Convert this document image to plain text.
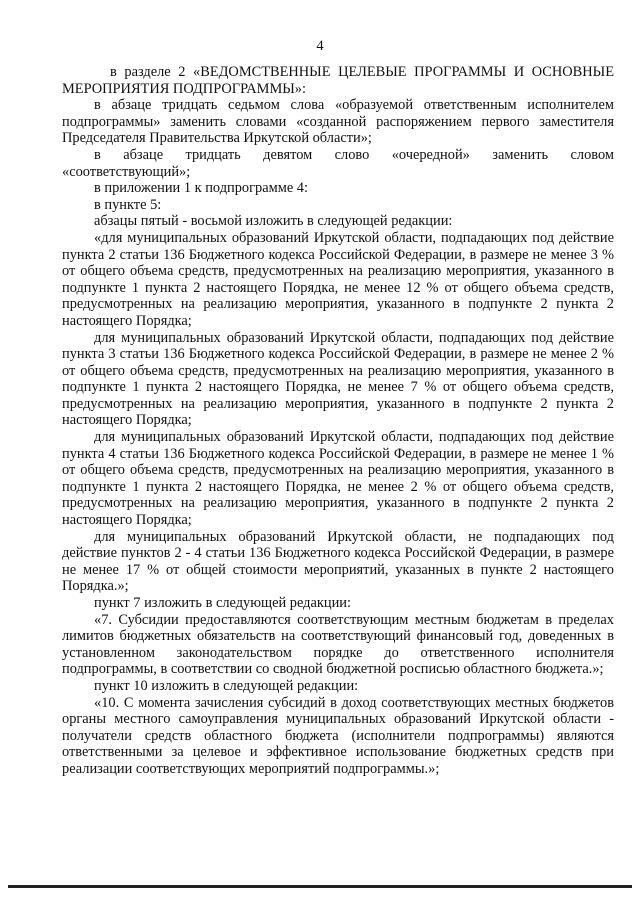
4

в разделе 2 «ВЕДОМСТВЕННЫЕ ЦЕЛЕВЫЕ ПРОГРАММЫ И ОСНОВНЫЕ МЕРОПРИЯТИЯ ПОДПРОГРАММЫ»:

в абзаце тридцать седьмом слова «образуемой ответственным исполнителем подпрограммы» заменить словами «созданной распоряжением первого заместителя Председателя Правительства Иркутской области»;

в абзаце тридцать девятом слово «очередной» заменить словом «соответствующий»;

в приложении 1 к подпрограмме 4:

в пункте 5:

абзацы пятый - восьмой изложить в следующей редакции:

«для муниципальных образований Иркутской области, подпадающих под действие пункта 2 статьи 136 Бюджетного кодекса Российской Федерации, в размере не менее 3 % от общего объема средств, предусмотренных на реализацию мероприятия, указанного в подпункте 1 пункта 2 настоящего Порядка, не менее 12 % от общего объема средств, предусмотренных на реализацию мероприятия, указанного в подпункте 2 пункта 2 настоящего Порядка;

для муниципальных образований Иркутской области, подпадающих под действие пункта 3 статьи 136 Бюджетного кодекса Российской Федерации, в размере не менее 2 % от общего объема средств, предусмотренных на реализацию мероприятия, указанного в подпункте 1 пункта 2 настоящего Порядка, не менее 7 % от общего объема средств, предусмотренных на реализацию мероприятия, указанного в подпункте 2 пункта 2 настоящего Порядка;

для муниципальных образований Иркутской области, подпадающих под действие пункта 4 статьи 136 Бюджетного кодекса Российской Федерации, в размере не менее 1 % от общего объема средств, предусмотренных на реализацию мероприятия, указанного в подпункте 1 пункта 2 настоящего Порядка, не менее 2 % от общего объема средств, предусмотренных на реализацию мероприятия, указанного в подпункте 2 пункта 2 настоящего Порядка;

для муниципальных образований Иркутской области, не подпадающих под действие пунктов 2 - 4 статьи 136 Бюджетного кодекса Российской Федерации, в размере не менее 17 % от общей стоимости мероприятий, указанных в пункте 2 настоящего Порядка.»;

пункт 7 изложить в следующей редакции:

«7. Субсидии предоставляются соответствующим местным бюджетам в пределах лимитов бюджетных обязательств на соответствующий финансовый год, доведенных в установленном законодательством порядке до ответственного исполнителя подпрограммы, в соответствии со сводной бюджетной росписью областного бюджета.»;

пункт 10 изложить в следующей редакции:

«10. С момента зачисления субсидий в доход соответствующих местных бюджетов органы местного самоуправления муниципальных образований Иркутской области - получатели средств областного бюджета (исполнители подпрограммы) являются ответственными за целевое и эффективное использование бюджетных средств при реализации соответствующих мероприятий подпрограммы.»;
